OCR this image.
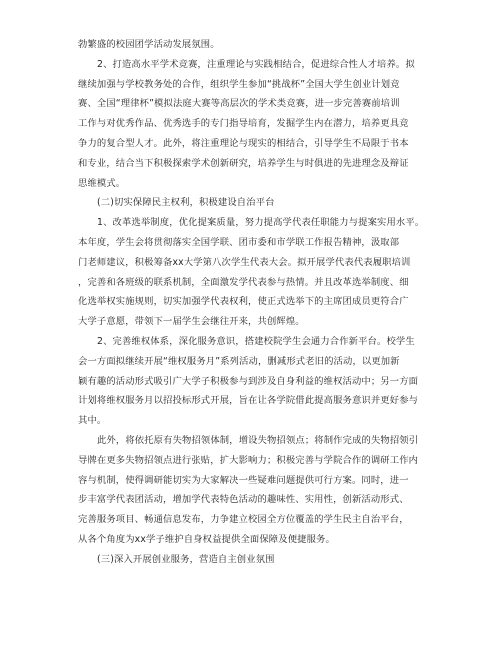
勃繁盛的校园团学活动发展氛围。
2、打造高水平学术竞赛，注重理论与实践相结合，促进综合性人才培养。拟
继续加强与学校教务处的合作，组织学生参加“挑战杯”全国大学生创业计划竞
赛、全国“理律杯”模拟法庭大赛等高层次的学术类竞赛，进一步完善赛前培训
工作与对优秀作品、优秀选手的专门指导培育，发掘学生内在潜力，培养更具竞
争力的复合型人才。此外，将注重理论与现实的相结合，引导学生不局限于书本
和专业，结合当下积极探索学术创新研究，培养学生与时俱进的先进理念及辩证
思维模式。
(二)切实保障民主权利，积极建设自治平台
1、改革选举制度，优化提案质量，努力提高学代表任职能力与提案实用水平。
本年度，学生会将贯彻落实全国学联、团市委和市学联工作报告精神，汲取部
门老师建议，积极筹备xx大学第八次学生代表大会。拟开展学代表代表履职培训
，完善和各班级的联系机制，全面激发学代表参与热情。并且改革选举制度、细
化选举权实施规则，切实加强学代表权利，使正式选举下的主席团成员更符合广
大学子意愿，带领下一届学生会继往开来，共创辉煌。
2、完善维权体系，深化服务意识，搭建校院学生会通力合作新平台。校学生
会一方面拟继续开展“维权服务月”系列活动，删减形式老旧的活动，以更加新
颖有趣的活动形式吸引广大学子积极参与到涉及自身利益的维权活动中；另一方面
计划将维权服务月以招投标形式开展，旨在让各学院借此提高服务意识并更好参与
其中。
此外，将依托原有失物招领体制，增设失物招领点；将制作完成的失物招领引
导牌在更多失物招领点进行张贴，扩大影响力；积极完善与学院合作的调研工作内
容与机制，使得调研能切实为大家解决一些疑难问题提供可行方案。同时，进一
步丰富学代表团活动，增加学代表特色活动的趣味性、实用性，创新活动形式、
完善服务项目、畅通信息发布，力争建立校园全方位覆盖的学生民主自治平台，
从各个角度为xx学子维护自身权益提供全面保障及便捷服务。
(三)深入开展创业服务，营造自主创业氛围
